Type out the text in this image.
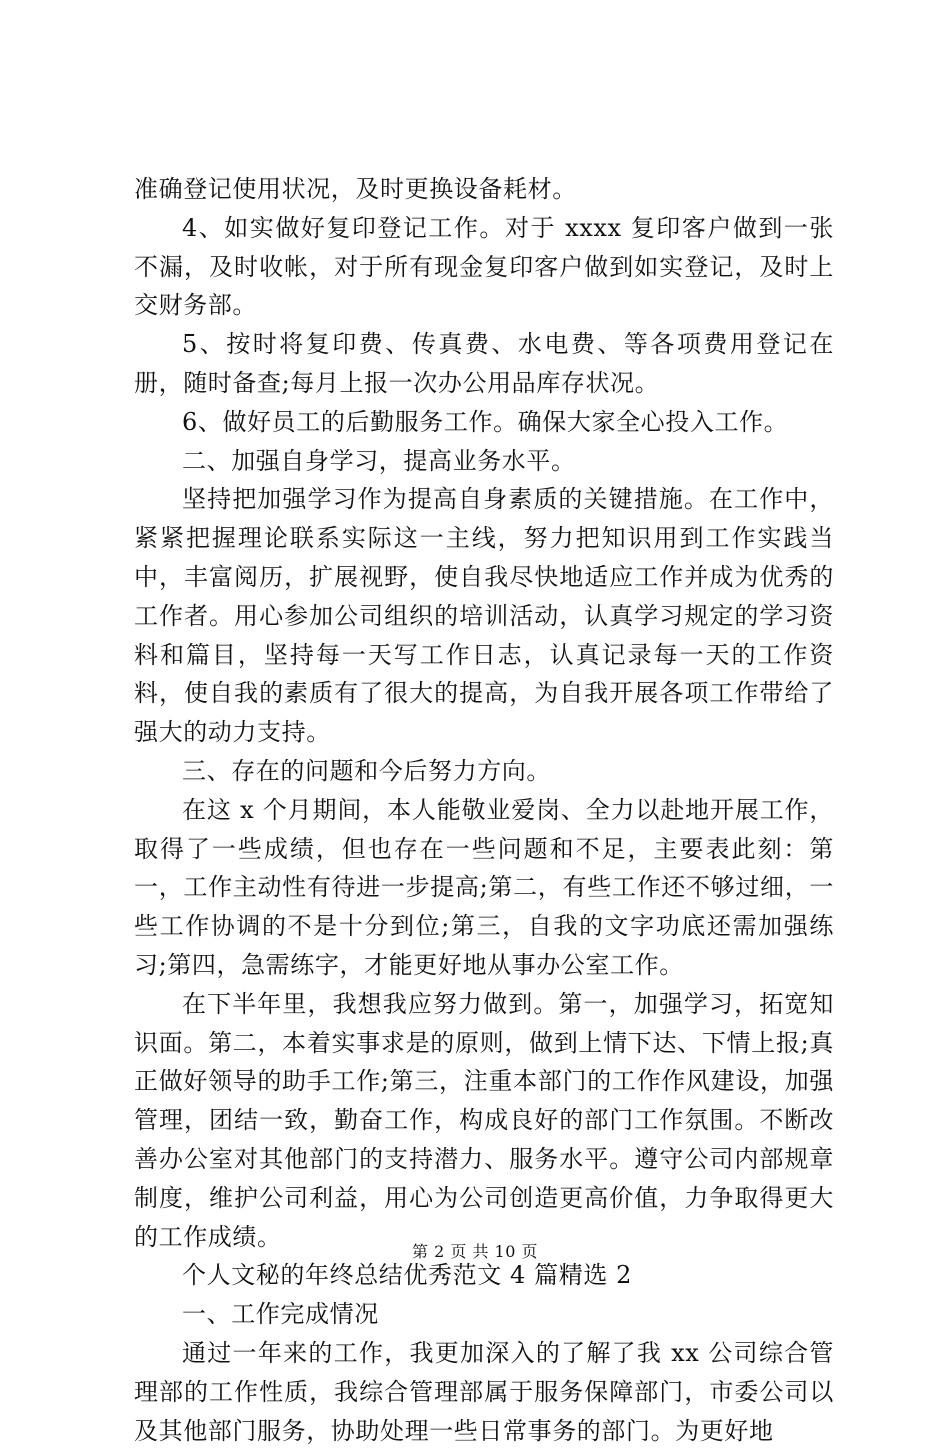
准确登记使用状况，及时更换设备耗材。

4、如实做好复印登记工作。对于 xxxx 复印客户做到一张不漏，及时收帐，对于所有现金复印客户做到如实登记，及时上交财务部。

5、按时将复印费、传真费、水电费、等各项费用登记在册，随时备查;每月上报一次办公用品库存状况。

6、做好员工的后勤服务工作。确保大家全心投入工作。

二、加强自身学习，提高业务水平。

坚持把加强学习作为提高自身素质的关键措施。在工作中，紧紧把握理论联系实际这一主线，努力把知识用到工作实践当中，丰富阅历，扩展视野，使自我尽快地适应工作并成为优秀的工作者。用心参加公司组织的培训活动，认真学习规定的学习资料和篇目，坚持每一天写工作日志，认真记录每一天的工作资料，使自我的素质有了很大的提高，为自我开展各项工作带给了强大的动力支持。

三、存在的问题和今后努力方向。

在这 x 个月期间，本人能敬业爱岗、全力以赴地开展工作，取得了一些成绩，但也存在一些问题和不足，主要表此刻：第一，工作主动性有待进一步提高;第二，有些工作还不够过细，一些工作协调的不是十分到位;第三，自我的文字功底还需加强练习;第四，急需练字，才能更好地从事办公室工作。

在下半年里，我想我应努力做到。第一，加强学习，拓宽知识面。第二，本着实事求是的原则，做到上情下达、下情上报;真正做好领导的助手工作;第三，注重本部门的工作作风建设，加强管理，团结一致，勤奋工作，构成良好的部门工作氛围。不断改善办公室对其他部门的支持潜力、服务水平。遵守公司内部规章制度，维护公司利益，用心为公司创造更高价值，力争取得更大的工作成绩。

个人文秘的年终总结优秀范文 4 篇精选 2

一、工作完成情况

通过一年来的工作，我更加深入的了解了我 xx 公司综合管理部的工作性质，我综合管理部属于服务保障部门，市委公司以及其他部门服务，协助处理一些日常事务的部门。为更好地

第 2 页 共 10 页
